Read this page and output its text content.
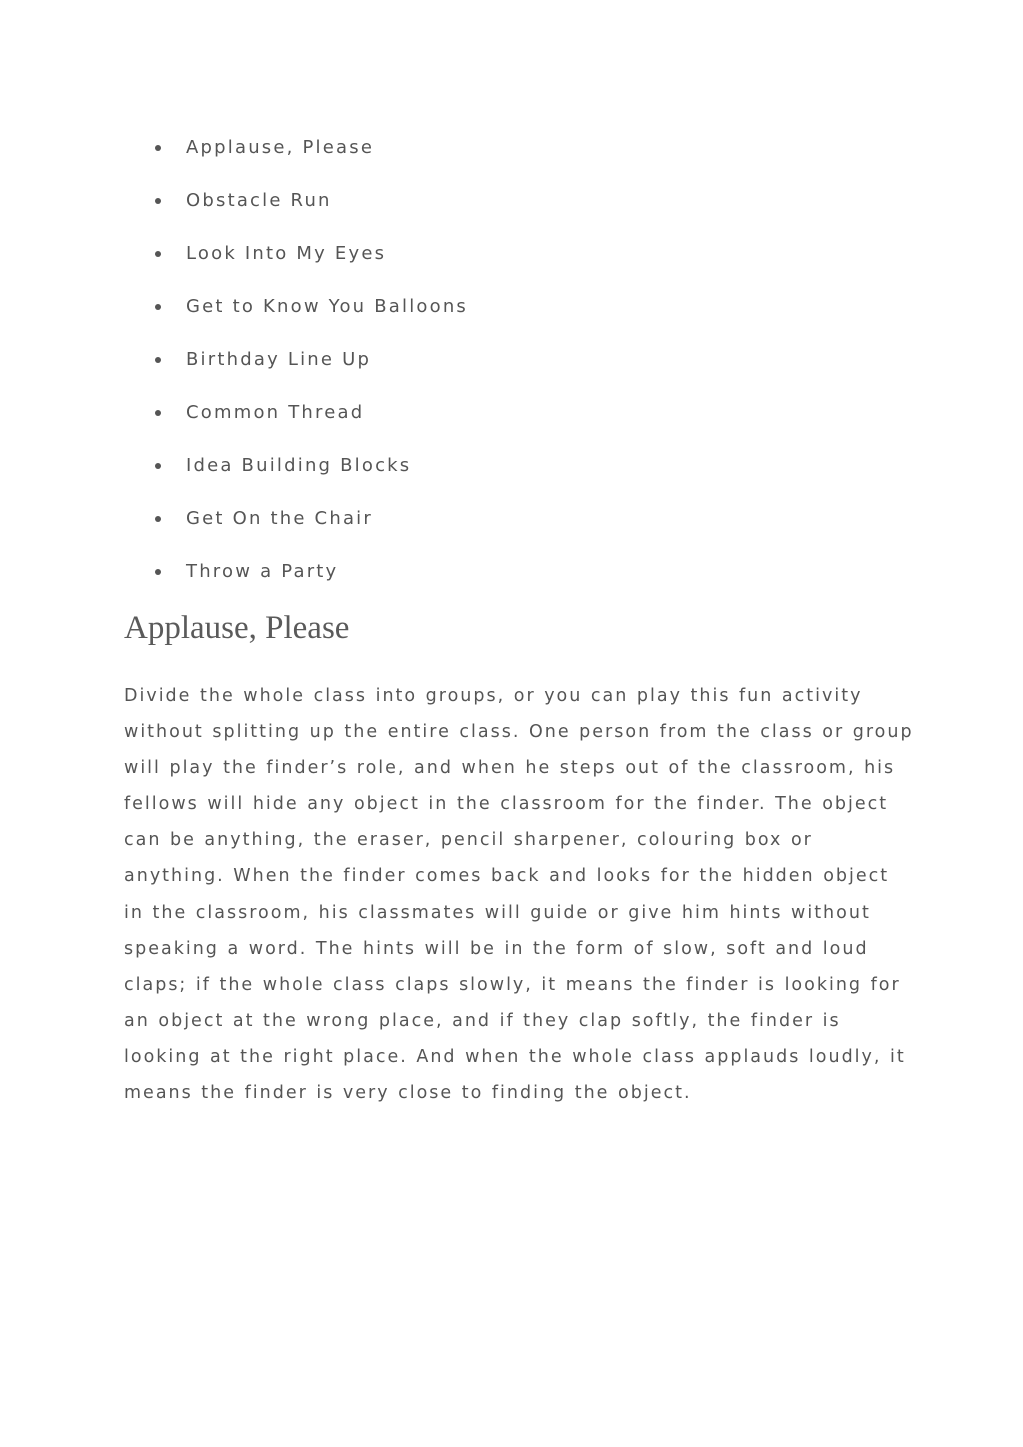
Applause, Please
Obstacle Run
Look Into My Eyes
Get to Know You Balloons
Birthday Line Up
Common Thread
Idea Building Blocks
Get On the Chair
Throw a Party
Applause, Please

Divide the whole class into groups, or you can play this fun activity without splitting up the entire class. One person from the class or group will play the finder’s role, and when he steps out of the classroom, his fellows will hide any object in the classroom for the finder. The object can be anything, the eraser, pencil sharpener, colouring box or anything. When the finder comes back and looks for the hidden object in the classroom, his classmates will guide or give him hints without speaking a word. The hints will be in the form of slow, soft and loud claps; if the whole class claps slowly, it means the finder is looking for an object at the wrong place, and if they clap softly, the finder is looking at the right place. And when the whole class applauds loudly, it means the finder is very close to finding the object.
